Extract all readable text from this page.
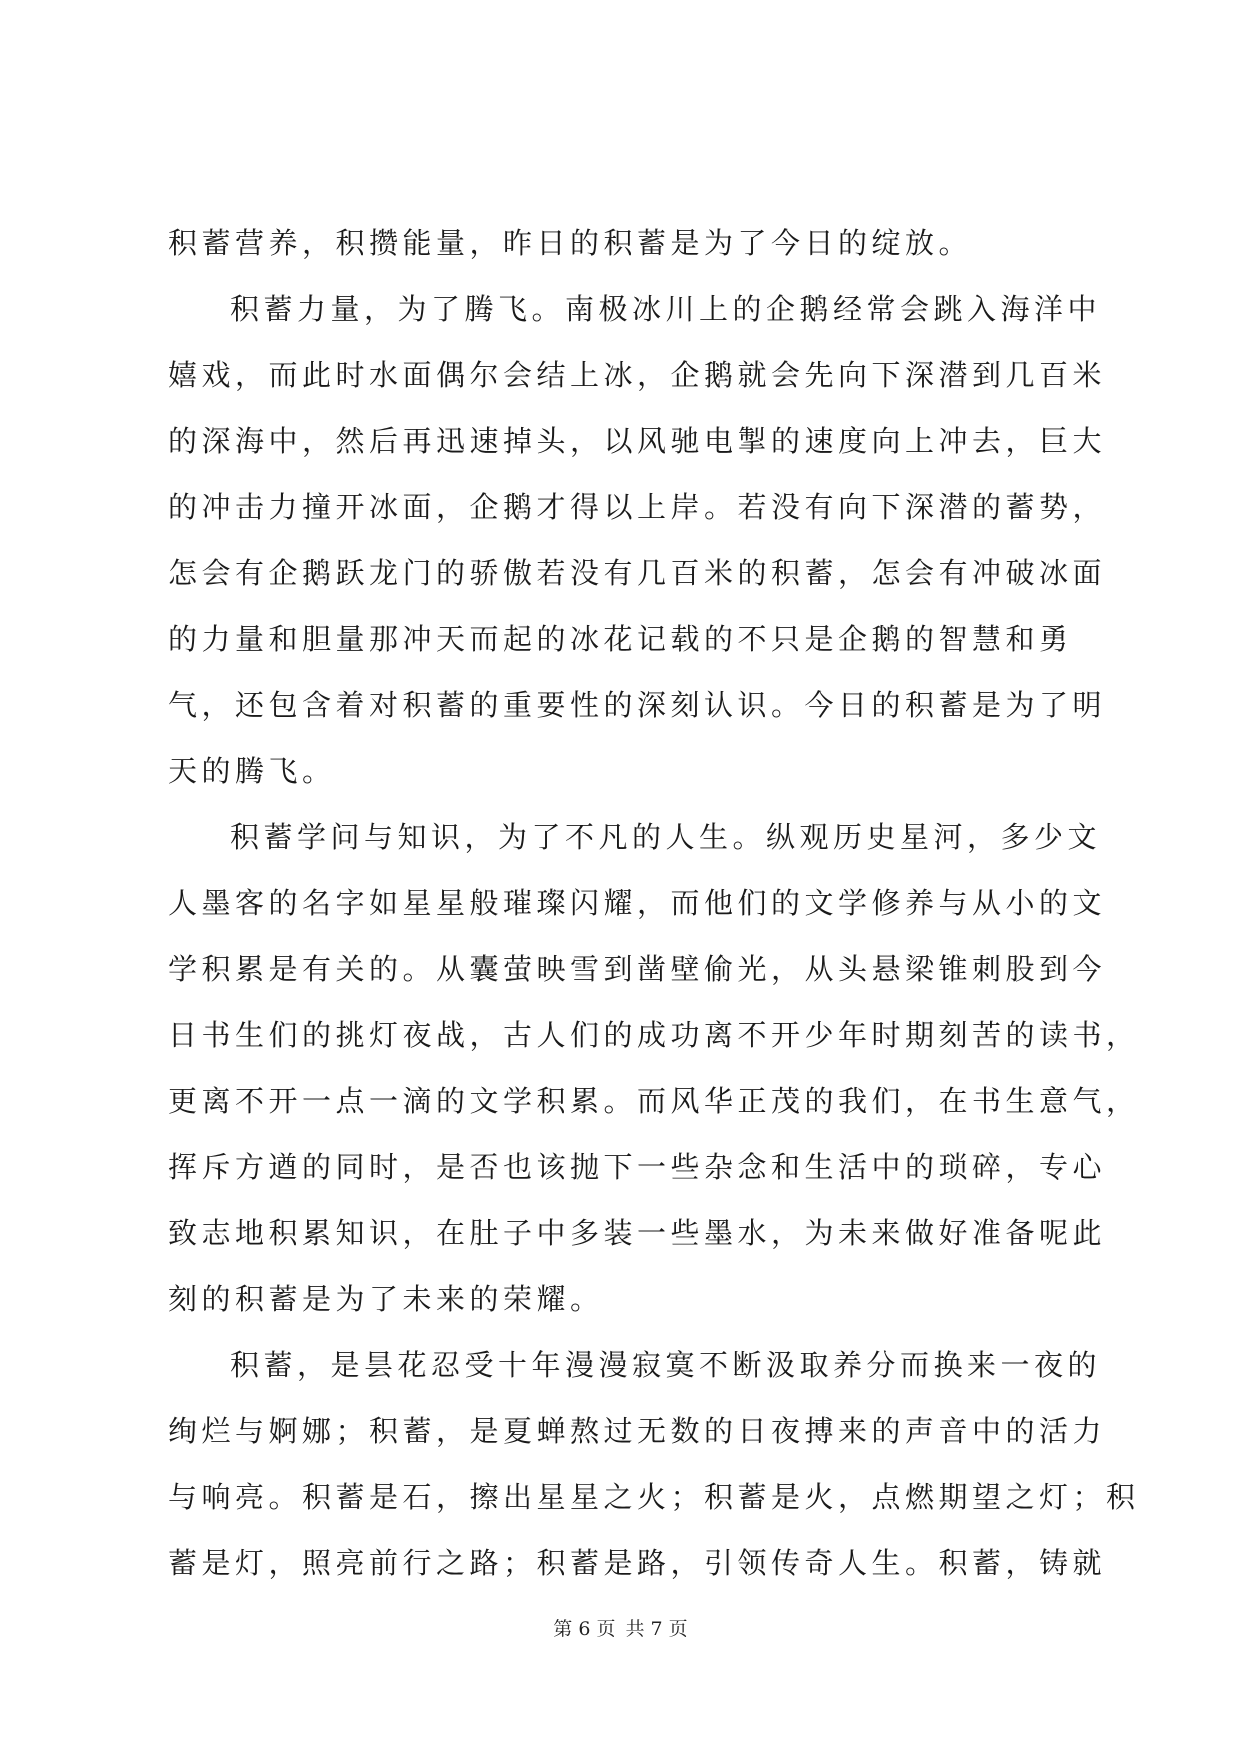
积蓄营养，积攒能量，昨日的积蓄是为了今日的绽放。
积蓄力量，为了腾飞。南极冰川上的企鹅经常会跳入海洋中
嬉戏，而此时水面偶尔会结上冰，企鹅就会先向下深潜到几百米
的深海中，然后再迅速掉头，以风驰电掣的速度向上冲去，巨大
的冲击力撞开冰面，企鹅才得以上岸。若没有向下深潜的蓄势，
怎会有企鹅跃龙门的骄傲若没有几百米的积蓄，怎会有冲破冰面
的力量和胆量那冲天而起的冰花记载的不只是企鹅的智慧和勇
气，还包含着对积蓄的重要性的深刻认识。今日的积蓄是为了明
天的腾飞。
积蓄学问与知识，为了不凡的人生。纵观历史星河，多少文
人墨客的名字如星星般璀璨闪耀，而他们的文学修养与从小的文
学积累是有关的。从囊萤映雪到凿壁偷光，从头悬梁锥刺股到今
日书生们的挑灯夜战，古人们的成功离不开少年时期刻苦的读书，
更离不开一点一滴的文学积累。而风华正茂的我们，在书生意气，
挥斥方遒的同时，是否也该抛下一些杂念和生活中的琐碎，专心
致志地积累知识，在肚子中多装一些墨水，为未来做好准备呢此
刻的积蓄是为了未来的荣耀。
积蓄，是昙花忍受十年漫漫寂寞不断汲取养分而换来一夜的
绚烂与婀娜；积蓄，是夏蝉熬过无数的日夜搏来的声音中的活力
与响亮。积蓄是石，擦出星星之火；积蓄是火，点燃期望之灯；积
蓄是灯，照亮前行之路；积蓄是路，引领传奇人生。积蓄，铸就
第 6 页 共 7 页
